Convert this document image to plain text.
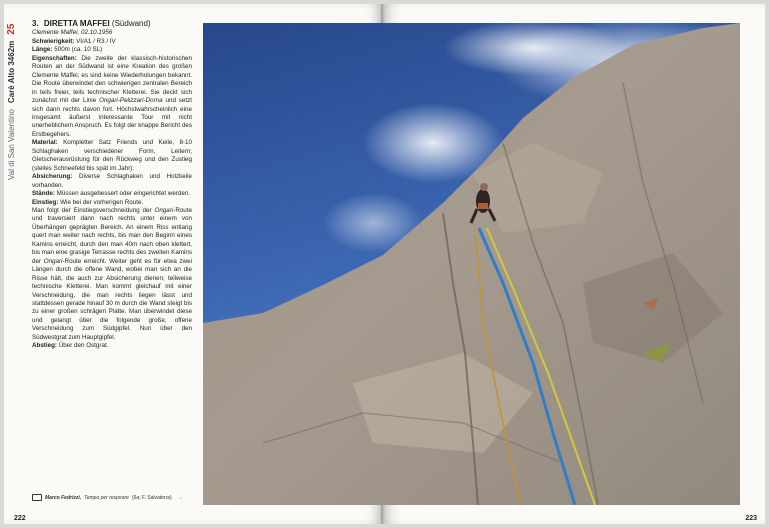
Val di San Valentino
Carè Alto 3462m
25
3. DIRETTA MAFFEI (Südwand)

Clemente Maffei, 02.10.1956

Schwierigkeit: VI/A1 / R3 / IV

Länge: 500m (ca. 10 SL)

Eigenschaften: Die zweite der klassisch-historischen Routen an der Südwand ist eine Kreation des großen Clemente Maffei; es sind keine Wiederholungen bekannt. Die Route überwindet den schwierigen zentralen Bereich in teils freier, teils technischer Kletterei. Sie deckt sich zunächst mit der Linie Ongari-Pelizzari-Dorna und setzt sich dann rechts davon fort. Höchstwahrscheinlich eine insgesamt äußerst interessante Tour mit nicht unerheblichem Anspruch. Es folgt der knappe Bericht des Erstbegehers.

Material: Kompletter Satz Friends und Keile, 8-10 Schlaghaken verschiedener Form, Leitern; Gletscherausrüstung für den Rückweg und den Zustieg (steiles Schneefeld bis spät im Jahr).

Absicherung: Diverse Schlaghaken und Holzkeile vorhanden.

Stände: Müssen ausgebessert oder eingerichtet werden.

Einstieg: Wie bei der vorherigen Route.

Man folgt der Einstiegsverschneidung der Ongari-Route und traversiert dann nach rechts unter einem von Überhängen geprägten Bereich. An einem Riss entlang quert man weiter nach rechts, bis man den Beginn eines Kamins erreicht, durch den man 40m nach oben klettert, bis man eine grasige Terrasse rechts des zweiten Kamins der Ongari-Route erreicht. Weiter geht es für etwa zwei Längen durch die offene Wand, wobei man sich an die Risse hält, die auch zur Absicherung dienen; teilweise technische Kletterei. Man kommt gleichauf mit einer Verschneidung, die man rechts liegen lässt und stattdessen gerade hinauf 30 m durch die Wand steigt bis zu einer großen schrägen Platte. Man überwindet diese und gelangt über die folgende große, offene Verschneidung zum Südgipfel. Nun über den Südwestgrat zum Hauptgipfel.

Abstieg: Über den Ostgrat.

Marco Fedrizzi, Tempo per respirare (6a; F. Salvaterra) →
222	223
